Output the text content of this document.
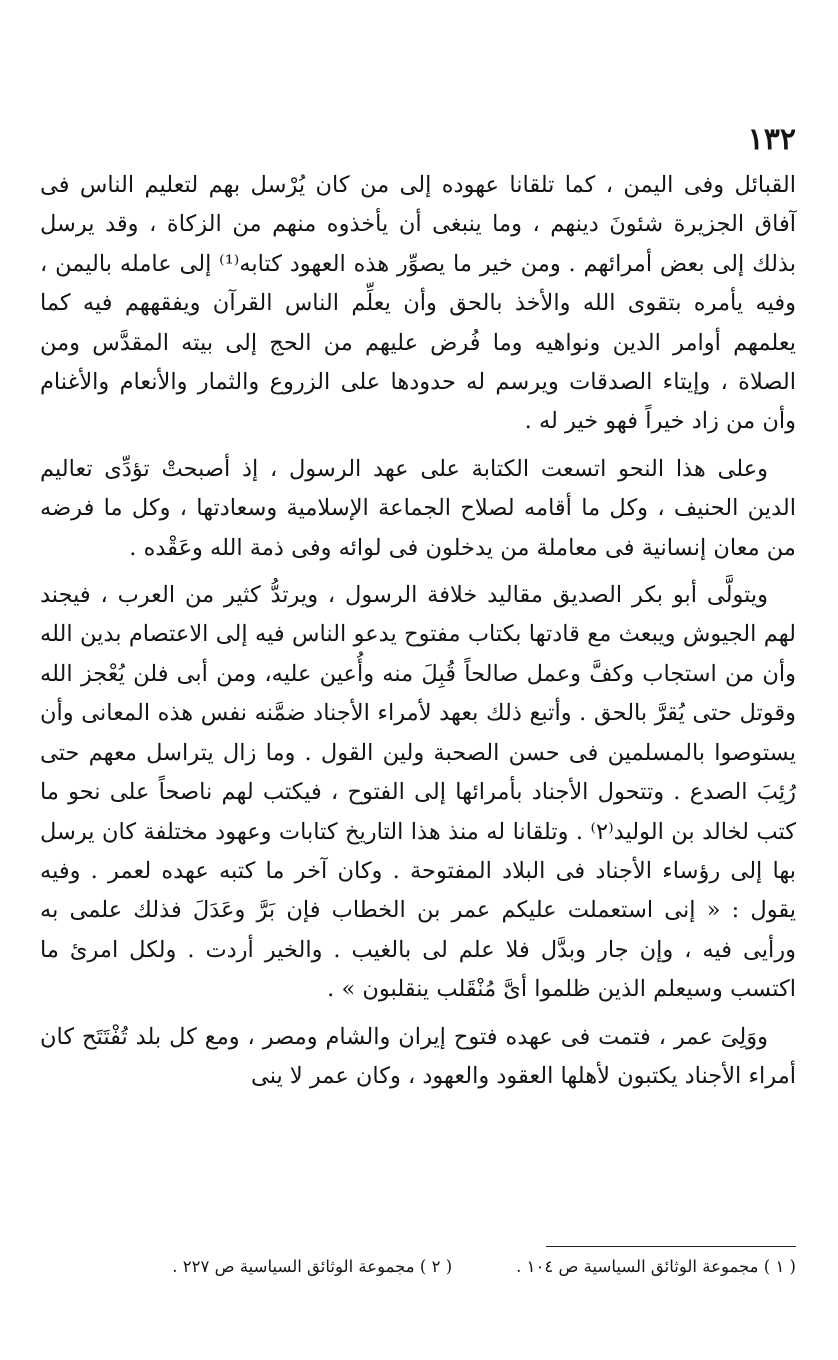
١٣٢

القبائل وفى اليمن ، كما تلقانا عهوده إلى من كان يُرْسل بهم لتعليم الناس فى آفاق الجزيرة شئونَ دينهم ، وما ينبغى أن يأخذوه منهم من الزكاة ، وقد يرسل بذلك إلى بعض أمرائهم . ومن خير ما يصوِّر هذه العهود كتابه⁽¹⁾ إلى عامله باليمن ، وفيه يأمره بتقوى الله والأخذ بالحق وأن يعلِّم الناس القرآن ويفقههم فيه كما يعلمهم أوامر الدين ونواهيه وما فُرض عليهم من الحج إلى بيته المقدَّس ومن الصلاة ، وإيتاء الصدقات ويرسم له حدودها على الزروع والثمار والأنعام والأغنام وأن من زاد خيراً فهو خير له .

وعلى هذا النحو اتسعت الكتابة على عهد الرسول ، إذ أصبحتْ تؤدِّى تعاليم الدين الحنيف ، وكل ما أقامه لصلاح الجماعة الإسلامية وسعادتها ، وكل ما فرضه من معان إنسانية فى معاملة من يدخلون فى لوائه وفى ذمة الله وعَقْده .

ويتولَّى أبو بكر الصديق مقاليد خلافة الرسول ، ويرتدُّ كثير من العرب ، فيجند لهم الجيوش ويبعث مع قادتها بكتاب مفتوح يدعو الناس فيه إلى الاعتصام بدين الله وأن من استجاب وكفَّ وعمل صالحاً قُبِلَ منه وأُعين عليه، ومن أبى فلن يُعْجز الله وقوتل حتى يُقرَّ بالحق . وأتبع ذلك بعهد لأمراء الأجناد ضمَّنه نفس هذه المعانى وأن يستوصوا بالمسلمين فى حسن الصحبة ولين القول . وما زال يتراسل معهم حتى رُئِبَ الصدع . وتتحول الأجناد بأمرائها إلى الفتوح ، فيكتب لهم ناصحاً على نحو ما كتب لخالد بن الوليد⁽٢⁾ . وتلقانا له منذ هذا التاريخ كتابات وعهود مختلفة كان يرسل بها إلى رؤساء الأجناد فى البلاد المفتوحة . وكان آخر ما كتبه عهده لعمر . وفيه يقول : « إنى استعملت عليكم عمر بن الخطاب فإن بَرَّ وعَدَلَ فذلك علمى به ورأيى فيه ، وإن جار وبدَّل فلا علم لى بالغيب . والخير أردت . ولكل امرئ ما اكتسب وسيعلم الذين ظلموا أىَّ مُنْقَلب ينقلبون » .

ووَلِىَ عمر ، فتمت فى عهده فتوح إيران والشام ومصر ، ومع كل بلد تُفْتَتَح كان أمراء الأجناد يكتبون لأهلها العقود والعهود ، وكان عمر لا ينى

( ١ ) مجموعة الوثائق السياسية ص ١٠٤ .
( ٢ ) مجموعة الوثائق السياسية ص ٢٢٧ .
